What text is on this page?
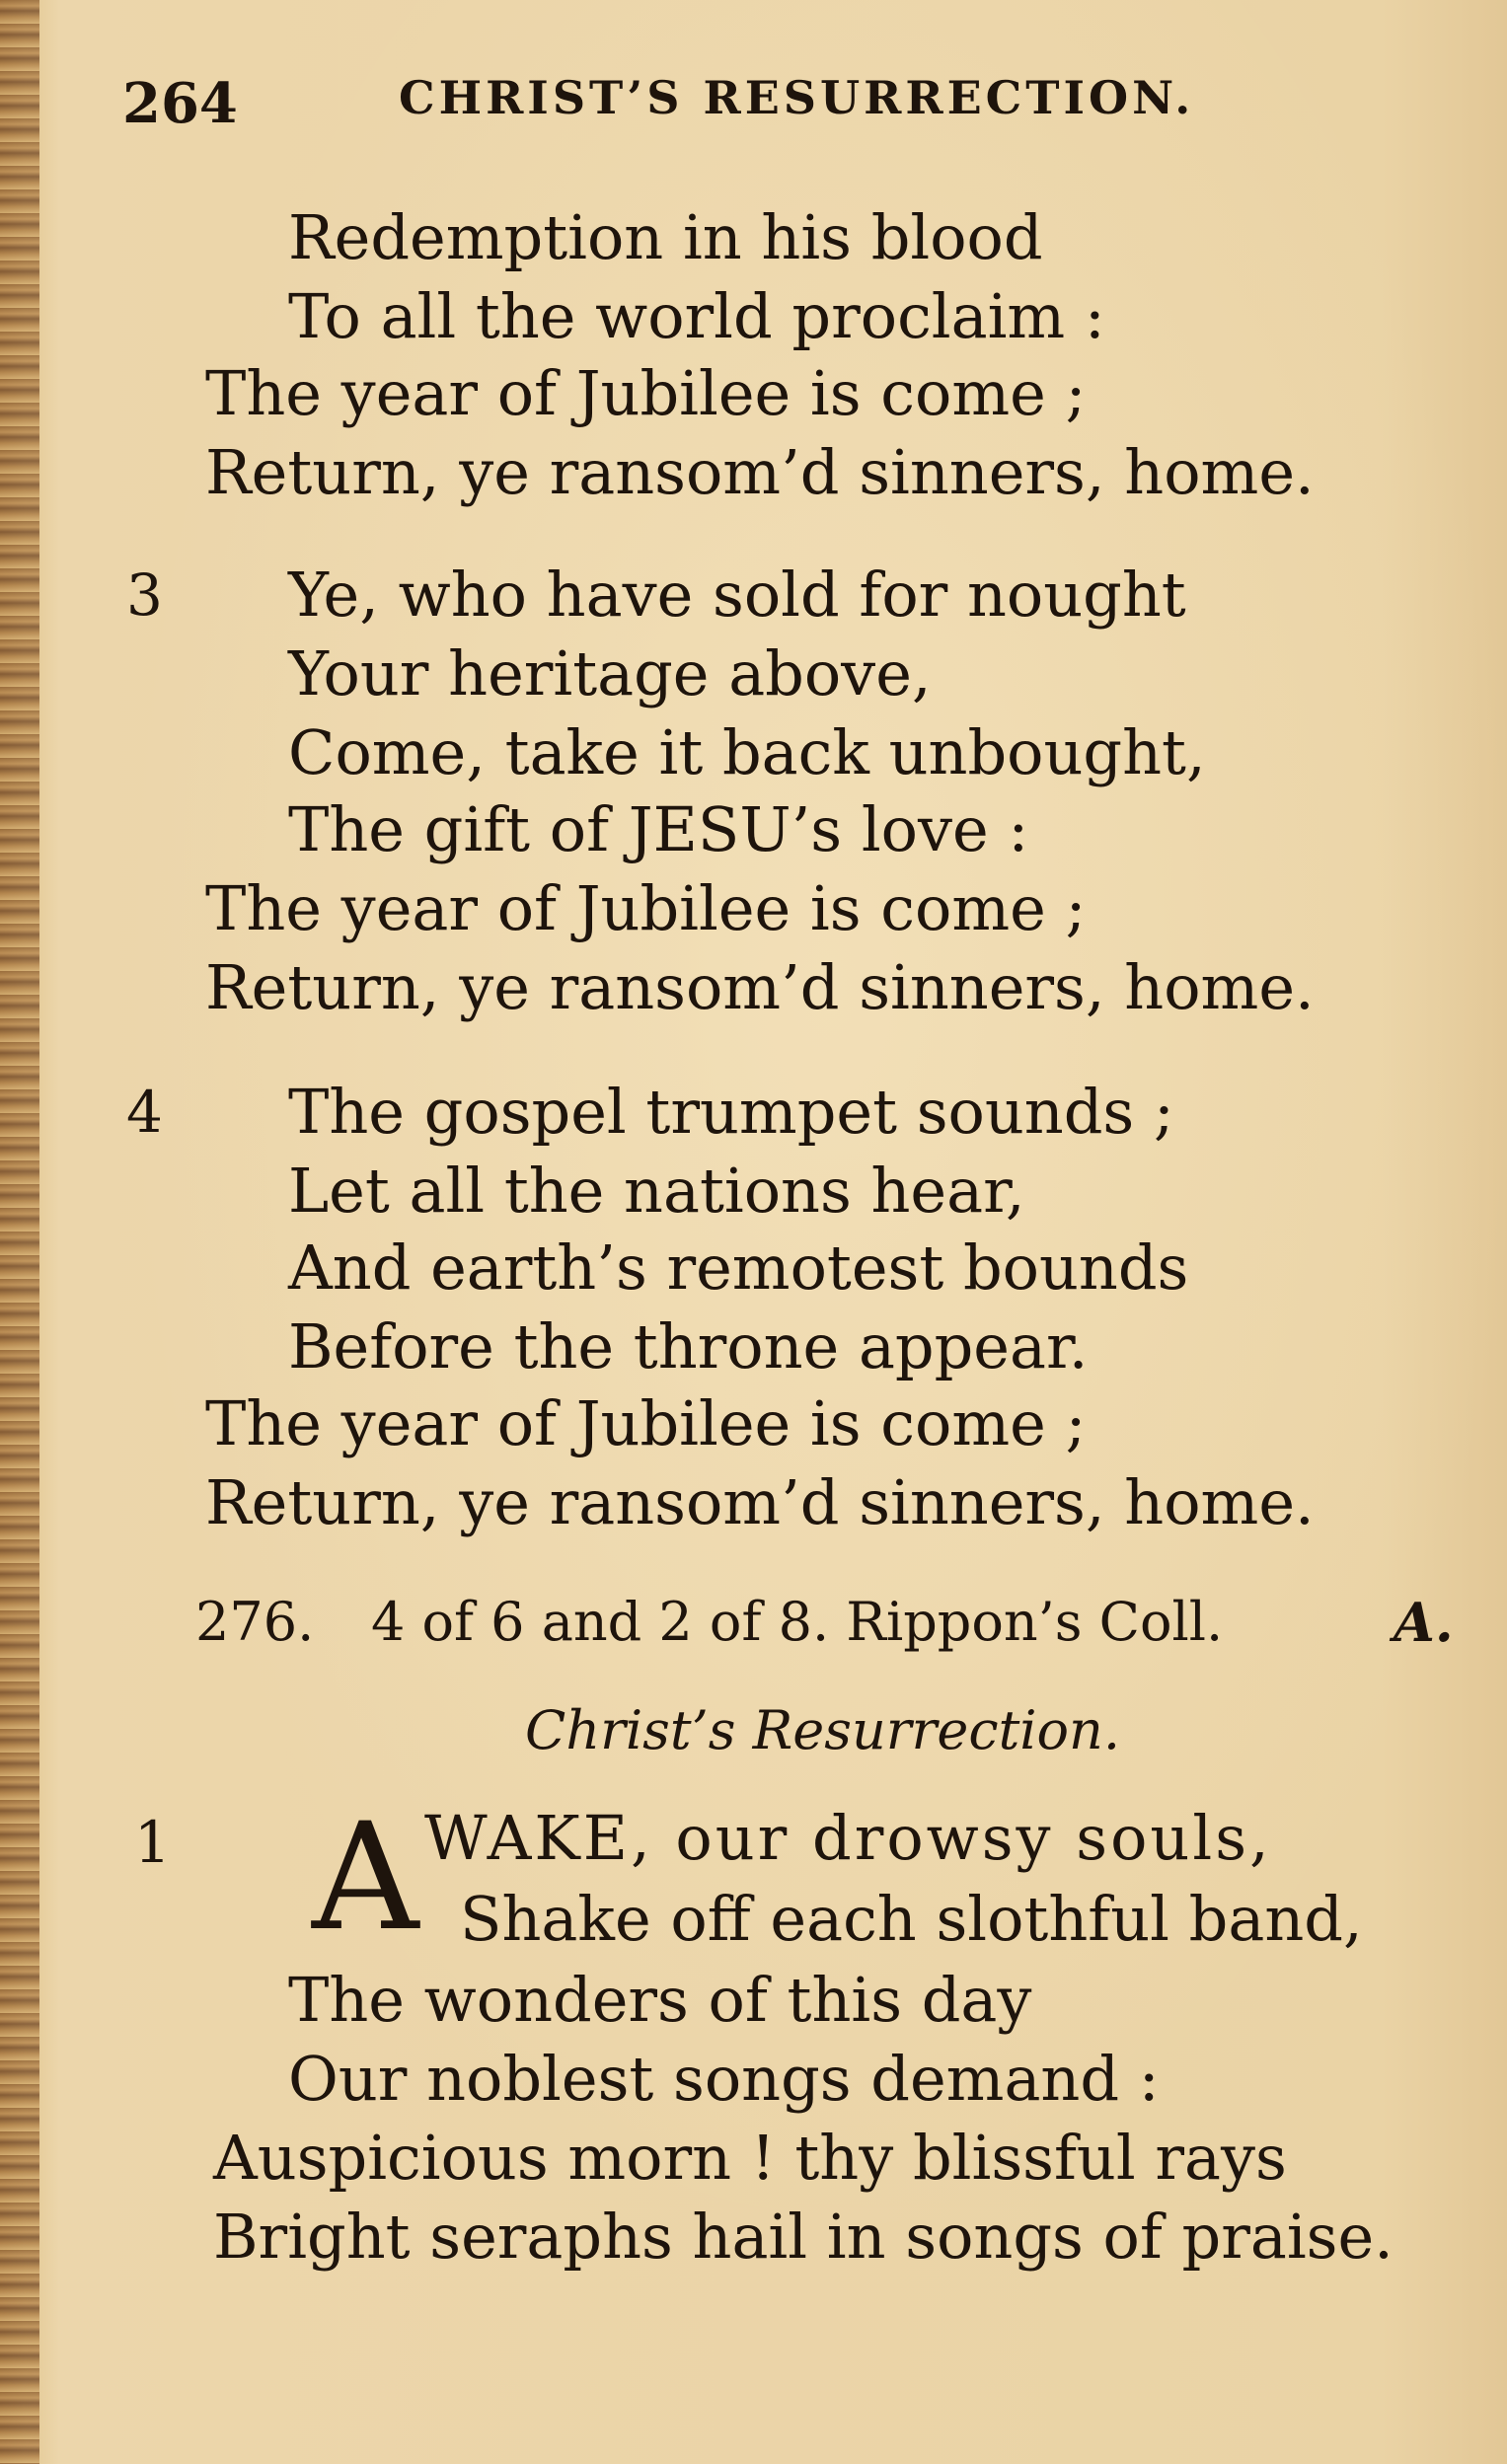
264	CHRIST’S RESURRECTION.
Redemption in his blood
To all the world proclaim :
The year of Jubilee is come ;
Return, ye ransom’d sinners, home.
3 Ye, who have sold for nought
Your heritage above,
Come, take it back unbought,
The gift of JESU’s love :
The year of Jubilee is come ;
Return, ye ransom’d sinners, home.
4 The gospel trumpet sounds ;
Let all the nations hear,
And earth’s remotest bounds
Before the throne appear.
The year of Jubilee is come ;
Return, ye ransom’d sinners, home.
276. 4 of 6 and 2 of 8. Rippon’s Coll.	A.
Christ’s Resurrection.
1 A WAKE, our drowsy souls,
Shake off each slothful band,
The wonders of this day
Our noblest songs demand :
Auspicious morn ! thy blissful rays
Bright seraphs hail in songs of praise.
